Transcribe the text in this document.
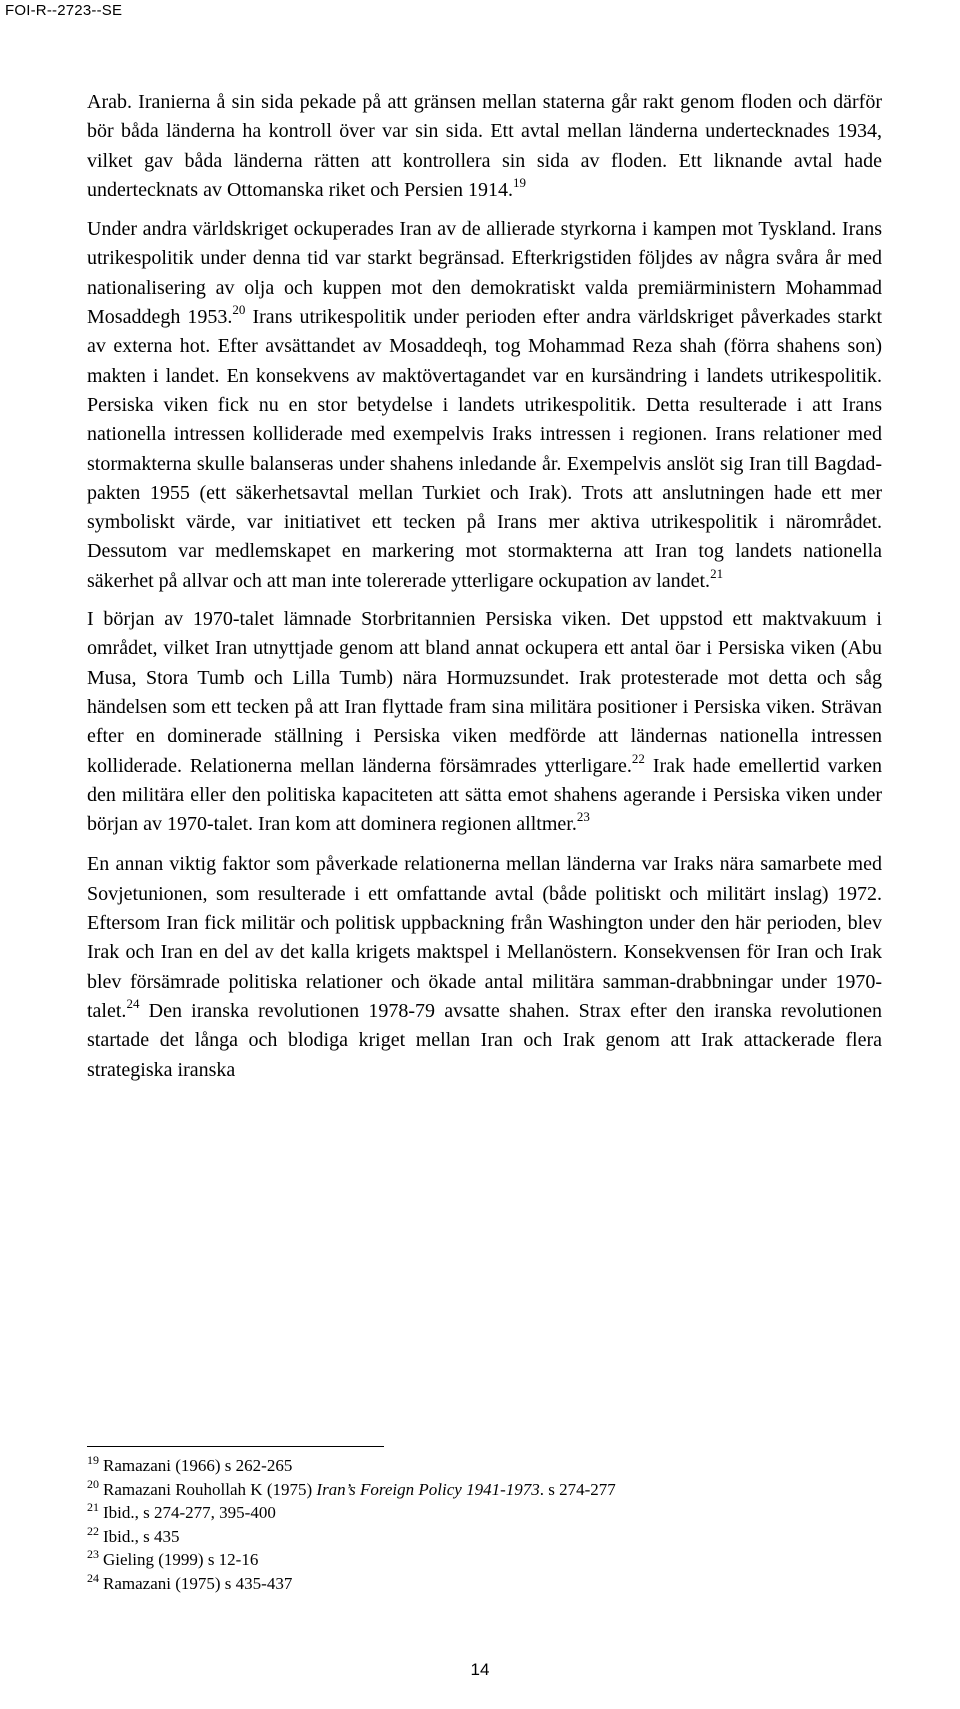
FOI-R--2723--SE

Arab. Iranierna å sin sida pekade på att gränsen mellan staterna går rakt genom floden och därför bör båda länderna ha kontroll över var sin sida. Ett avtal mellan länderna undertecknades 1934, vilket gav båda länderna rätten att kontrollera sin sida av floden. Ett liknande avtal hade undertecknats av Ottomanska riket och Persien 1914.19

Under andra världskriget ockuperades Iran av de allierade styrkorna i kampen mot Tyskland. Irans utrikespolitik under denna tid var starkt begränsad. Efterkrigstiden följdes av några svåra år med nationalisering av olja och kuppen mot den demokratiskt valda premiärministern Mohammad Mosaddegh 1953.20 Irans utrikespolitik under perioden efter andra världskriget påverkades starkt av externa hot. Efter avsättandet av Mosaddeqh, tog Mohammad Reza shah (förra shahens son) makten i landet. En konsekvens av maktövertagandet var en kursändring i landets utrikespolitik. Persiska viken fick nu en stor betydelse i landets utrikespolitik. Detta resulterade i att Irans nationella intressen kolliderade med exempelvis Iraks intressen i regionen. Irans relationer med stormakterna skulle balanseras under shahens inledande år. Exempelvis anslöt sig Iran till Bagdad-pakten 1955 (ett säkerhetsavtal mellan Turkiet och Irak). Trots att anslutningen hade ett mer symboliskt värde, var initiativet ett tecken på Irans mer aktiva utrikespolitik i närområdet. Dessutom var medlemskapet en markering mot stormakterna att Iran tog landets nationella säkerhet på allvar och att man inte tolererade ytterligare ockupation av landet.$^{21}$

I början av 1970-talet lämnade Storbritannien Persiska viken. Det uppstod ett maktvakuum i området, vilket Iran utnyttjade genom att bland annat ockupera ett antal öar i Persiska viken (Abu Musa, Stora Tumb och Lilla Tumb) nära Hormuzsundet. Irak protesterade mot detta och såg händelsen som ett tecken på att Iran flyttade fram sina militära positioner i Persiska viken. Strävan efter en dominerade ställning i Persiska viken medförde att ländernas nationella intressen kolliderade. Relationerna mellan länderna försämrades ytterligare.$^{22}$ Irak hade emellertid varken den militära eller den politiska kapaciteten att sätta emot shahens agerande i Persiska viken under början av 1970-talet. Iran kom att dominera regionen alltmer.$^{23}$

En annan viktig faktor som påverkade relationerna mellan länderna var Iraks nära samarbete med Sovjetunionen, som resulterade i ett omfattande avtal (både politiskt och militärt inslag) 1972. Eftersom Iran fick militär och politisk uppbackning från Washington under den här perioden, blev Irak och Iran en del av det kalla krigets maktspel i Mellanöstern. Konsekvensen för Iran och Irak blev försämrade politiska relationer och ökade antal militära samman-drabbningar under 1970-talet.$^{24}$ Den iranska revolutionen 1978-79 avsatte shahen. Strax efter den iranska revolutionen startade det långa och blodiga kriget mellan Iran och Irak genom att Irak attackerade flera strategiska iranska

$^{19}$ Ramazani (1966) s 262-265
$^{20}$ Ramazani Rouhollah K (1975) Iran’s Foreign Policy 1941-1973. s 274-277
$^{21}$ Ibid., s 274-277, 395-400
$^{22}$ Ibid., s 435
$^{23}$ Gieling (1999) s 12-16
$^{24}$ Ramazani (1975) s 435-437
14
